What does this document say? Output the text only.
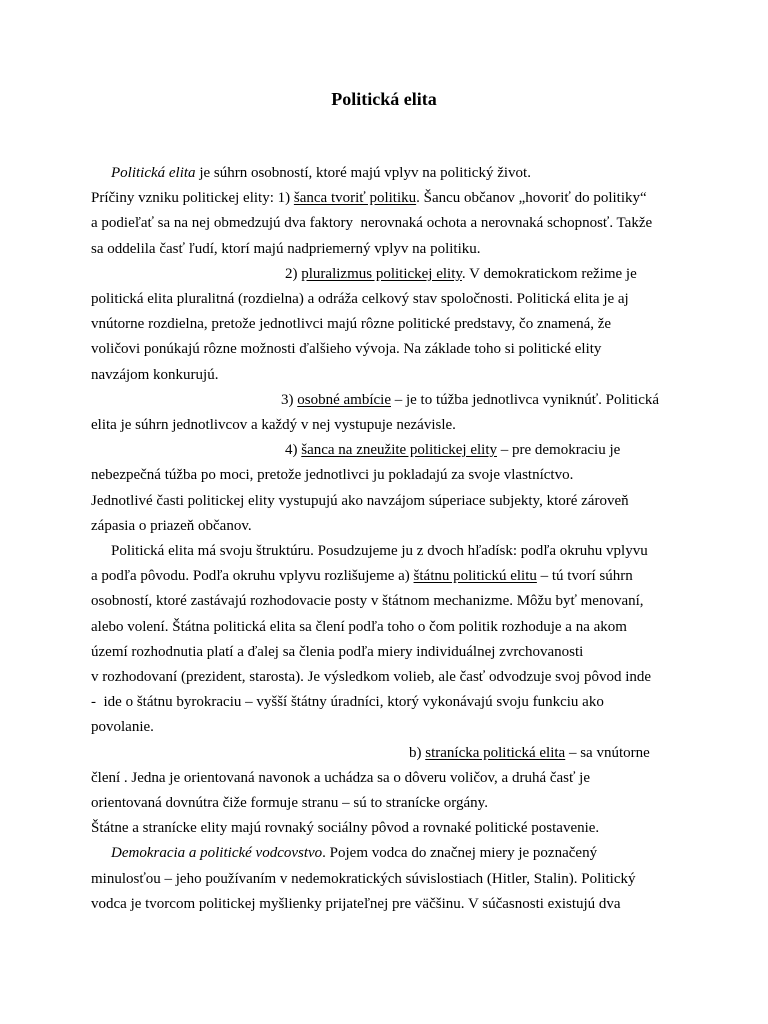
Politická elita
Politická elita je súhrn osobností, ktoré majú vplyv na politický život.
Príčiny vzniku politickej elity: 1) šanca tvoriť politiku. Šancu občanov „hovoriť do politiky“
a podieľať sa na nej obmedzujú dva faktory  nerovnaká ochota a nerovnaká schopnosť. Takže
sa oddelila časť ľudí, ktorí majú nadpriemerný vplyv na politiku.
2) pluralizmus politickej elity. V demokratickom režime je
politická elita pluralitná (rozdielna) a odráža celkový stav spoločnosti. Politická elita je aj
vnútorne rozdielna, pretože jednotlivci majú rôzne politické predstavy, čo znamená, že
voličovi ponúkajú rôzne možnosti ďalšieho vývoja. Na základe toho si politické elity
navzájom konkurujú.
3) osobné ambície – je to túžba jednotlivca vyniknúť. Politická
elita je súhrn jednotlivcov a každý v nej vystupuje nezávisle.
4) šanca na zneužite politickej elity – pre demokraciu je
nebezpečná túžba po moci, pretože jednotlivci ju pokladajú za svoje vlastníctvo.
Jednotlivé časti politickej elity vystupujú ako navzájom súperiace subjekty, ktoré zároveň
zápasia o priazeň občanov.
Politická elita má svoju štruktúru. Posudzujeme ju z dvoch hľadísk: podľa okruhu vplyvu
a podľa pôvodu. Podľa okruhu vplyvu rozlišujeme a) štátnu politickú elitu – tú tvorí súhrn
osobností, ktoré zastávajú rozhodovacie posty v štátnom mechanizme. Môžu byť menovaní,
alebo volení. Štátna politická elita sa člení podľa toho o čom politik rozhoduje a na akom
území rozhodnutia platí a ďalej sa členia podľa miery individuálnej zvrchovanosti
v rozhodovaní (prezident, starosta). Je výsledkom volieb, ale časť odvodzuje svoj pôvod inde
-  ide o štátnu byrokraciu – vyšší štátny úradníci, ktorý vykonávajú svoju funkciu ako
povolanie.
b) stranícka politická elita – sa vnútorne
člení . Jedna je orientovaná navonok a uchádza sa o dôveru voličov, a druhá časť je
orientovaná dovnútra čiže formuje stranu – sú to stranícke orgány.
Štátne a stranícke elity majú rovnaký sociálny pôvod a rovnaké politické postavenie.
Demokracia a politické vodcovstvo. Pojem vodca do značnej miery je poznačený
minulosťou – jeho používaním v nedemokratických súvislostiach (Hitler, Stalin). Politický
vodca je tvorcom politickej myšlienky prijateľnej pre väčšinu. V súčasnosti existujú dva
